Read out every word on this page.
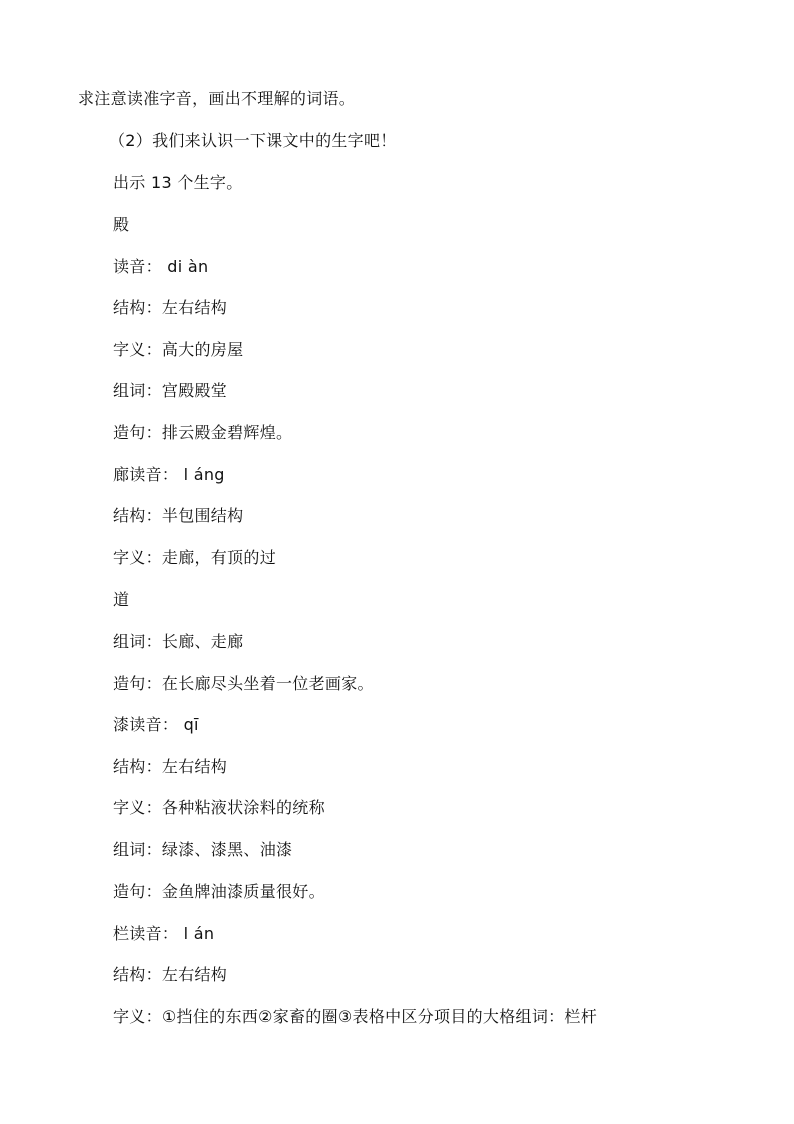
求注意读准字音，画出不理解的词语。
（2）我们来认识一下课文中的生字吧！
出示 13 个生字。
殿
读音： di àn
结构：左右结构
字义：高大的房屋
组词：宫殿殿堂
造句：排云殿金碧辉煌。
廊读音： l áng
结构：半包围结构
字义：走廊，有顶的过
道
组词：长廊、走廊
造句：在长廊尽头坐着一位老画家。
漆读音： qī
结构：左右结构
字义：各种粘液状涂料的统称
组词：绿漆、漆黑、油漆
造句：金鱼牌油漆质量很好。
栏读音： l án
结构：左右结构
字义：①挡住的东西②家畜的圈③表格中区分项目的大格组词：栏杆
